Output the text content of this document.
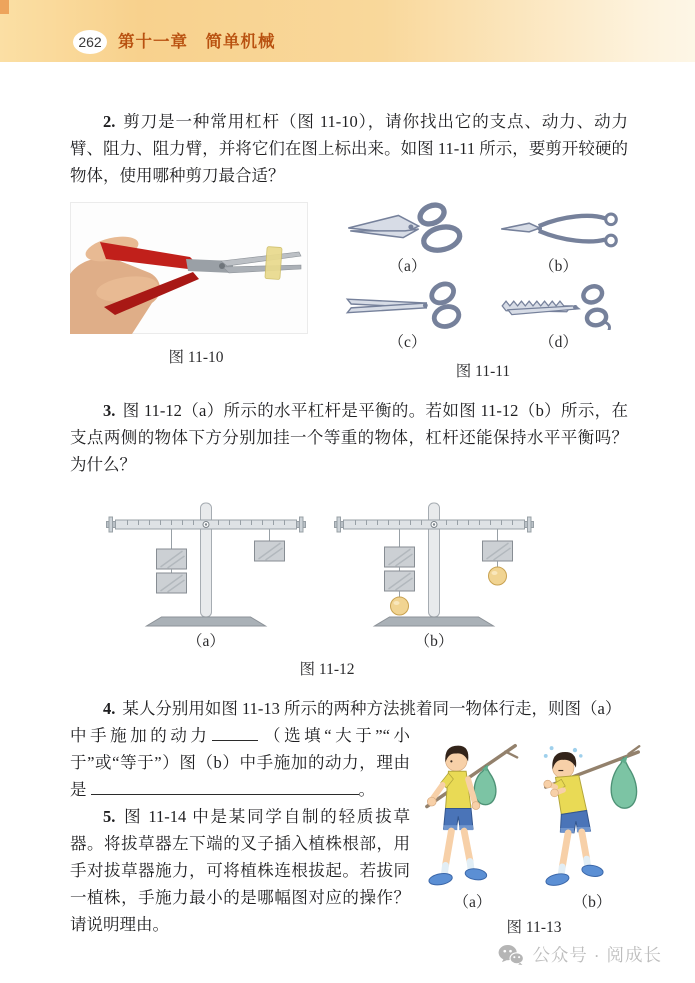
262 第十一章　简单机械

2. 剪刀是一种常用杠杆（图 11-10），请你找出它的支点、动力、动力臂、阻力、阻力臂，并将它们在图上标出来。如图 11-11 所示，要剪开较硬的物体，使用哪种剪刀最合适？

图 11-10
（a）	（b）
（c）	（d）
图 11-11

3. 图 11-12（a）所示的水平杠杆是平衡的。若如图 11-12（b）所示，在支点两侧的物体下方分别加挂一个等重的物体，杠杆还能保持水平平衡吗？为什么？

（a）	（b）
图 11-12

4. 某人分别用如图 11-13 所示的两种方法挑着同一物体行走，则图（a）

（a）	（b）
图 11-13

中手施加的动力	（选填“大于”“小于”或“等于”）图（b）中手施加的动力，理由是	。

5. 图 11-14 中是某同学自制的轻质拔草器。将拔草器左下端的叉子插入植株根部，用手对拔草器施力，可将植株连根拔起。若拔同一植株，手施力最小的是哪幅图对应的操作？请说明理由。

公众号 · 阅成长
